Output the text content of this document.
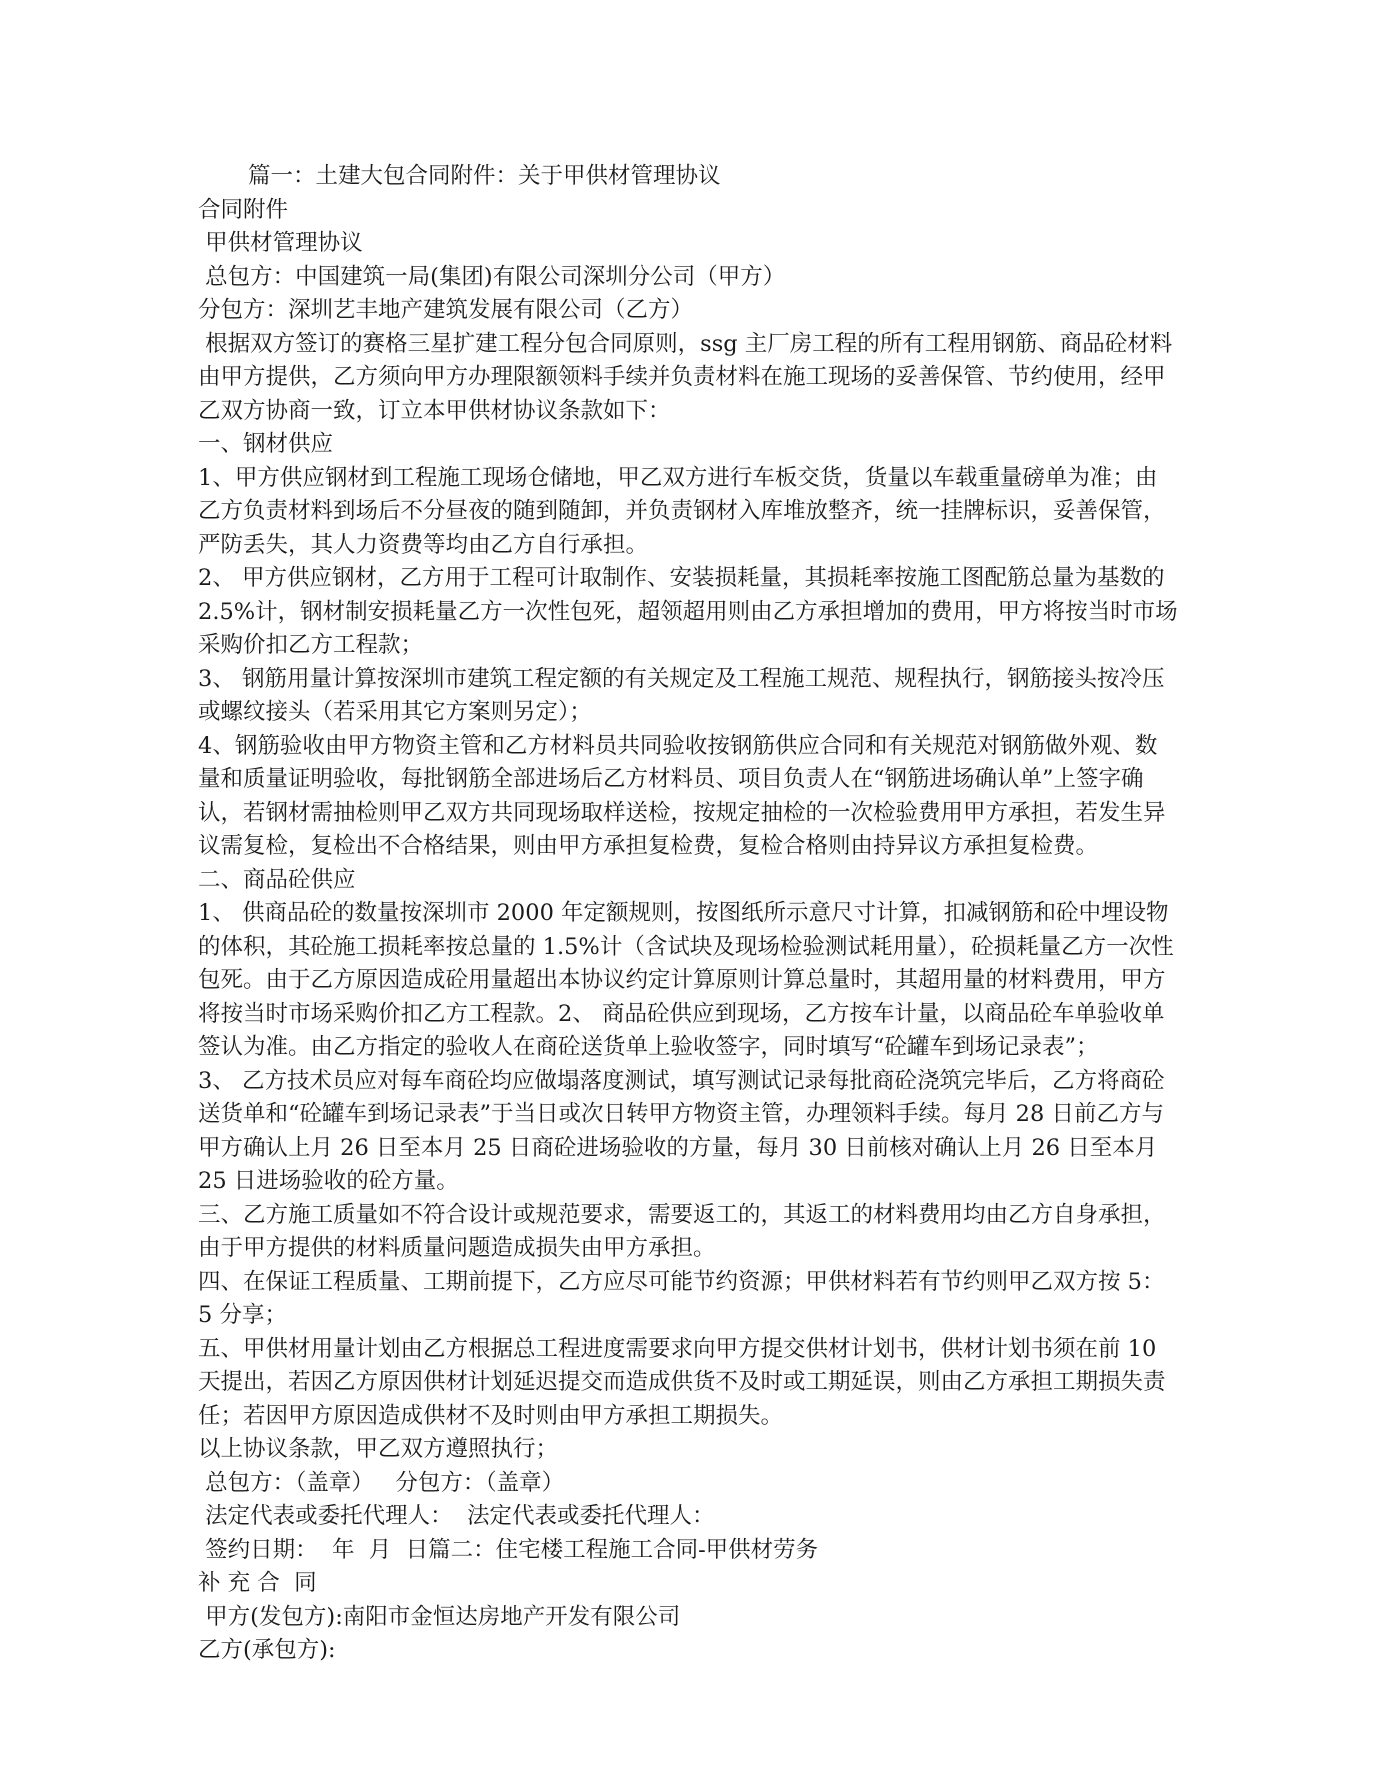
篇一：土建大包合同附件：关于甲供材管理协议

合同附件

甲供材管理协议

总包方：中国建筑一局(集团)有限公司深圳分公司（甲方）

分包方：深圳艺丰地产建筑发展有限公司（乙方）

根据双方签订的赛格三星扩建工程分包合同原则，ssg 主厂房工程的所有工程用钢筋、商品砼材料由甲方提供，乙方须向甲方办理限额领料手续并负责材料在施工现场的妥善保管、节约使用，经甲乙双方协商一致，订立本甲供材协议条款如下：

一、钢材供应

1、甲方供应钢材到工程施工现场仓储地，甲乙双方进行车板交货，货量以车载重量磅单为准；由乙方负责材料到场后不分昼夜的随到随卸，并负责钢材入库堆放整齐，统一挂牌标识，妥善保管，严防丢失，其人力资费等均由乙方自行承担。

2、 甲方供应钢材，乙方用于工程可计取制作、安装损耗量，其损耗率按施工图配筋总量为基数的 2.5%计，钢材制安损耗量乙方一次性包死，超领超用则由乙方承担增加的费用，甲方将按当时市场采购价扣乙方工程款；

3、 钢筋用量计算按深圳市建筑工程定额的有关规定及工程施工规范、规程执行，钢筋接头按冷压或螺纹接头（若采用其它方案则另定）；

4、钢筋验收由甲方物资主管和乙方材料员共同验收按钢筋供应合同和有关规范对钢筋做外观、数量和质量证明验收，每批钢筋全部进场后乙方材料员、项目负责人在“钢筋进场确认单”上签字确认，若钢材需抽检则甲乙双方共同现场取样送检，按规定抽检的一次检验费用甲方承担，若发生异议需复检，复检出不合格结果，则由甲方承担复检费，复检合格则由持异议方承担复检费。

二、商品砼供应

1、 供商品砼的数量按深圳市 2000 年定额规则，按图纸所示意尺寸计算，扣减钢筋和砼中埋设物的体积，其砼施工损耗率按总量的 1.5%计（含试块及现场检验测试耗用量），砼损耗量乙方一次性包死。由于乙方原因造成砼用量超出本协议约定计算原则计算总量时，其超用量的材料费用，甲方将按当时市场采购价扣乙方工程款。2、 商品砼供应到现场，乙方按车计量，以商品砼车单验收单签认为准。由乙方指定的验收人在商砼送货单上验收签字，同时填写“砼罐车到场记录表”；

3、 乙方技术员应对每车商砼均应做塌落度测试，填写测试记录每批商砼浇筑完毕后，乙方将商砼送货单和“砼罐车到场记录表”于当日或次日转甲方物资主管，办理领料手续。每月 28 日前乙方与甲方确认上月 26 日至本月 25 日商砼进场验收的方量，每月 30 日前核对确认上月 26 日至本月 25 日进场验收的砼方量。

三、乙方施工质量如不符合设计或规范要求，需要返工的，其返工的材料费用均由乙方自身承担，由于甲方提供的材料质量问题造成损失由甲方承担。

四、在保证工程质量、工期前提下，乙方应尽可能节约资源；甲供材料若有节约则甲乙双方按 5：5 分享；

五、甲供材用量计划由乙方根据总工程进度需要求向甲方提交供材计划书，供材计划书须在前 10 天提出，若因乙方原因供材计划延迟提交而造成供货不及时或工期延误，则由乙方承担工期损失责任；若因甲方原因造成供材不及时则由甲方承担工期损失。

以上协议条款，甲乙双方遵照执行；

总包方：（盖章）   分包方：（盖章）

法定代表或委托代理人：  法定代表或委托代理人：

签约日期：  年  月  日篇二：住宅楼工程施工合同-甲供材劳务

补 充 合  同

甲方(发包方):南阳市金恒达房地产开发有限公司

乙方(承包方):
